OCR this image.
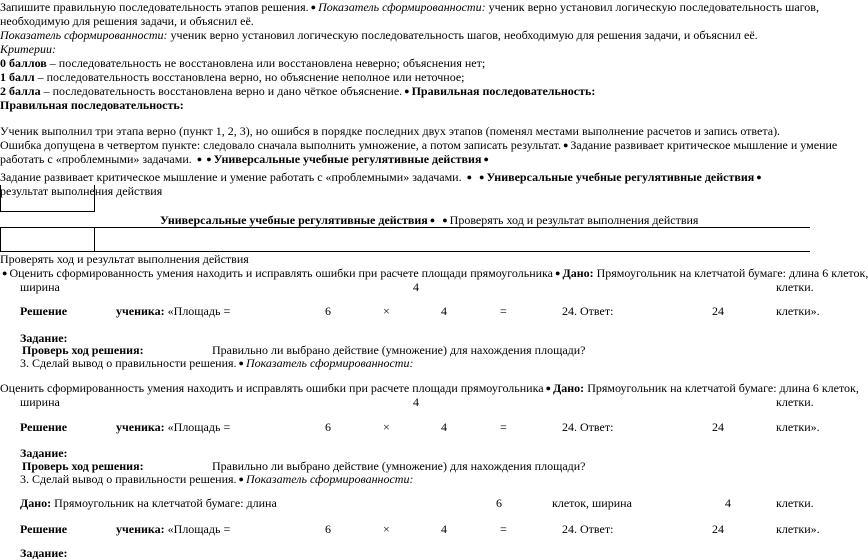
Запишите правильную последовательность этапов решения. ● Показатель сформированности: ученик верно установил логическую последовательность шагов,
необходимую для решения задачи, и объяснил её.
Показатель сформированности: ученик верно установил логическую последовательность шагов, необходимую для решения задачи, и объяснил её.
Критерии:
0 баллов – последовательность не восстановлена или восстановлена неверно; объяснения нет;
1 балл – последовательность восстановлена верно, но объяснение неполное или неточное;
2 балла – последовательность восстановлена верно и дано чёткое объяснение. ● Правильная последовательность:
Правильная последовательность:
Ученик выполнил три этапа верно (пункт 1, 2, 3), но ошибся в порядке последних двух этапов (поменял местами выполнение расчетов и запись ответа).
Ошибка допущена в четвертом пункте: следовало сначала выполнить умножение, а потом записать результат. ● Задание развивает критическое мышление и умение
работать с «проблемными» задачами. ● ● Универсальные учебные регулятивные действия ●
Задание развивает критическое мышление и умение работать с «проблемными» задачами. ● ● Универсальные учебные регулятивные действия ●
результат выполнения действия
Универсальные учебные регулятивные действия ● ● Проверять ход и результат выполнения действия
Проверять ход и результат выполнения действия
● Оценить сформированность умения находить и исправлять ошибки при расчете площади прямоугольника ● Дано: Прямоугольник на клетчатой бумаге: длина 6 клеток,
ширина	4	клетки.
Решение	ученика: «Площадь =	6	×	4	=	24. Ответ:	24	клетки».
Задание:
Проверь ход решения:	Правильно ли выбрано действие (умножение) для нахождения площади?
3. Сделай вывод о правильности решения. ● Показатель сформированности:
Оценить сформированность умения находить и исправлять ошибки при расчете площади прямоугольника ● Дано: Прямоугольник на клетчатой бумаге: длина 6 клеток,
ширина	4	клетки.
Решение	ученика: «Площадь =	6	×	4	=	24. Ответ:	24	клетки».
Задание:
Проверь ход решения:	Правильно ли выбрано действие (умножение) для нахождения площади?
3. Сделай вывод о правильности решения. ● Показатель сформированности:
Дано: Прямоугольник на клетчатой бумаге: длина	6	клеток, ширина	4	клетки.
Решение	ученика: «Площадь =	6	×	4	=	24. Ответ:	24	клетки».
Задание:
